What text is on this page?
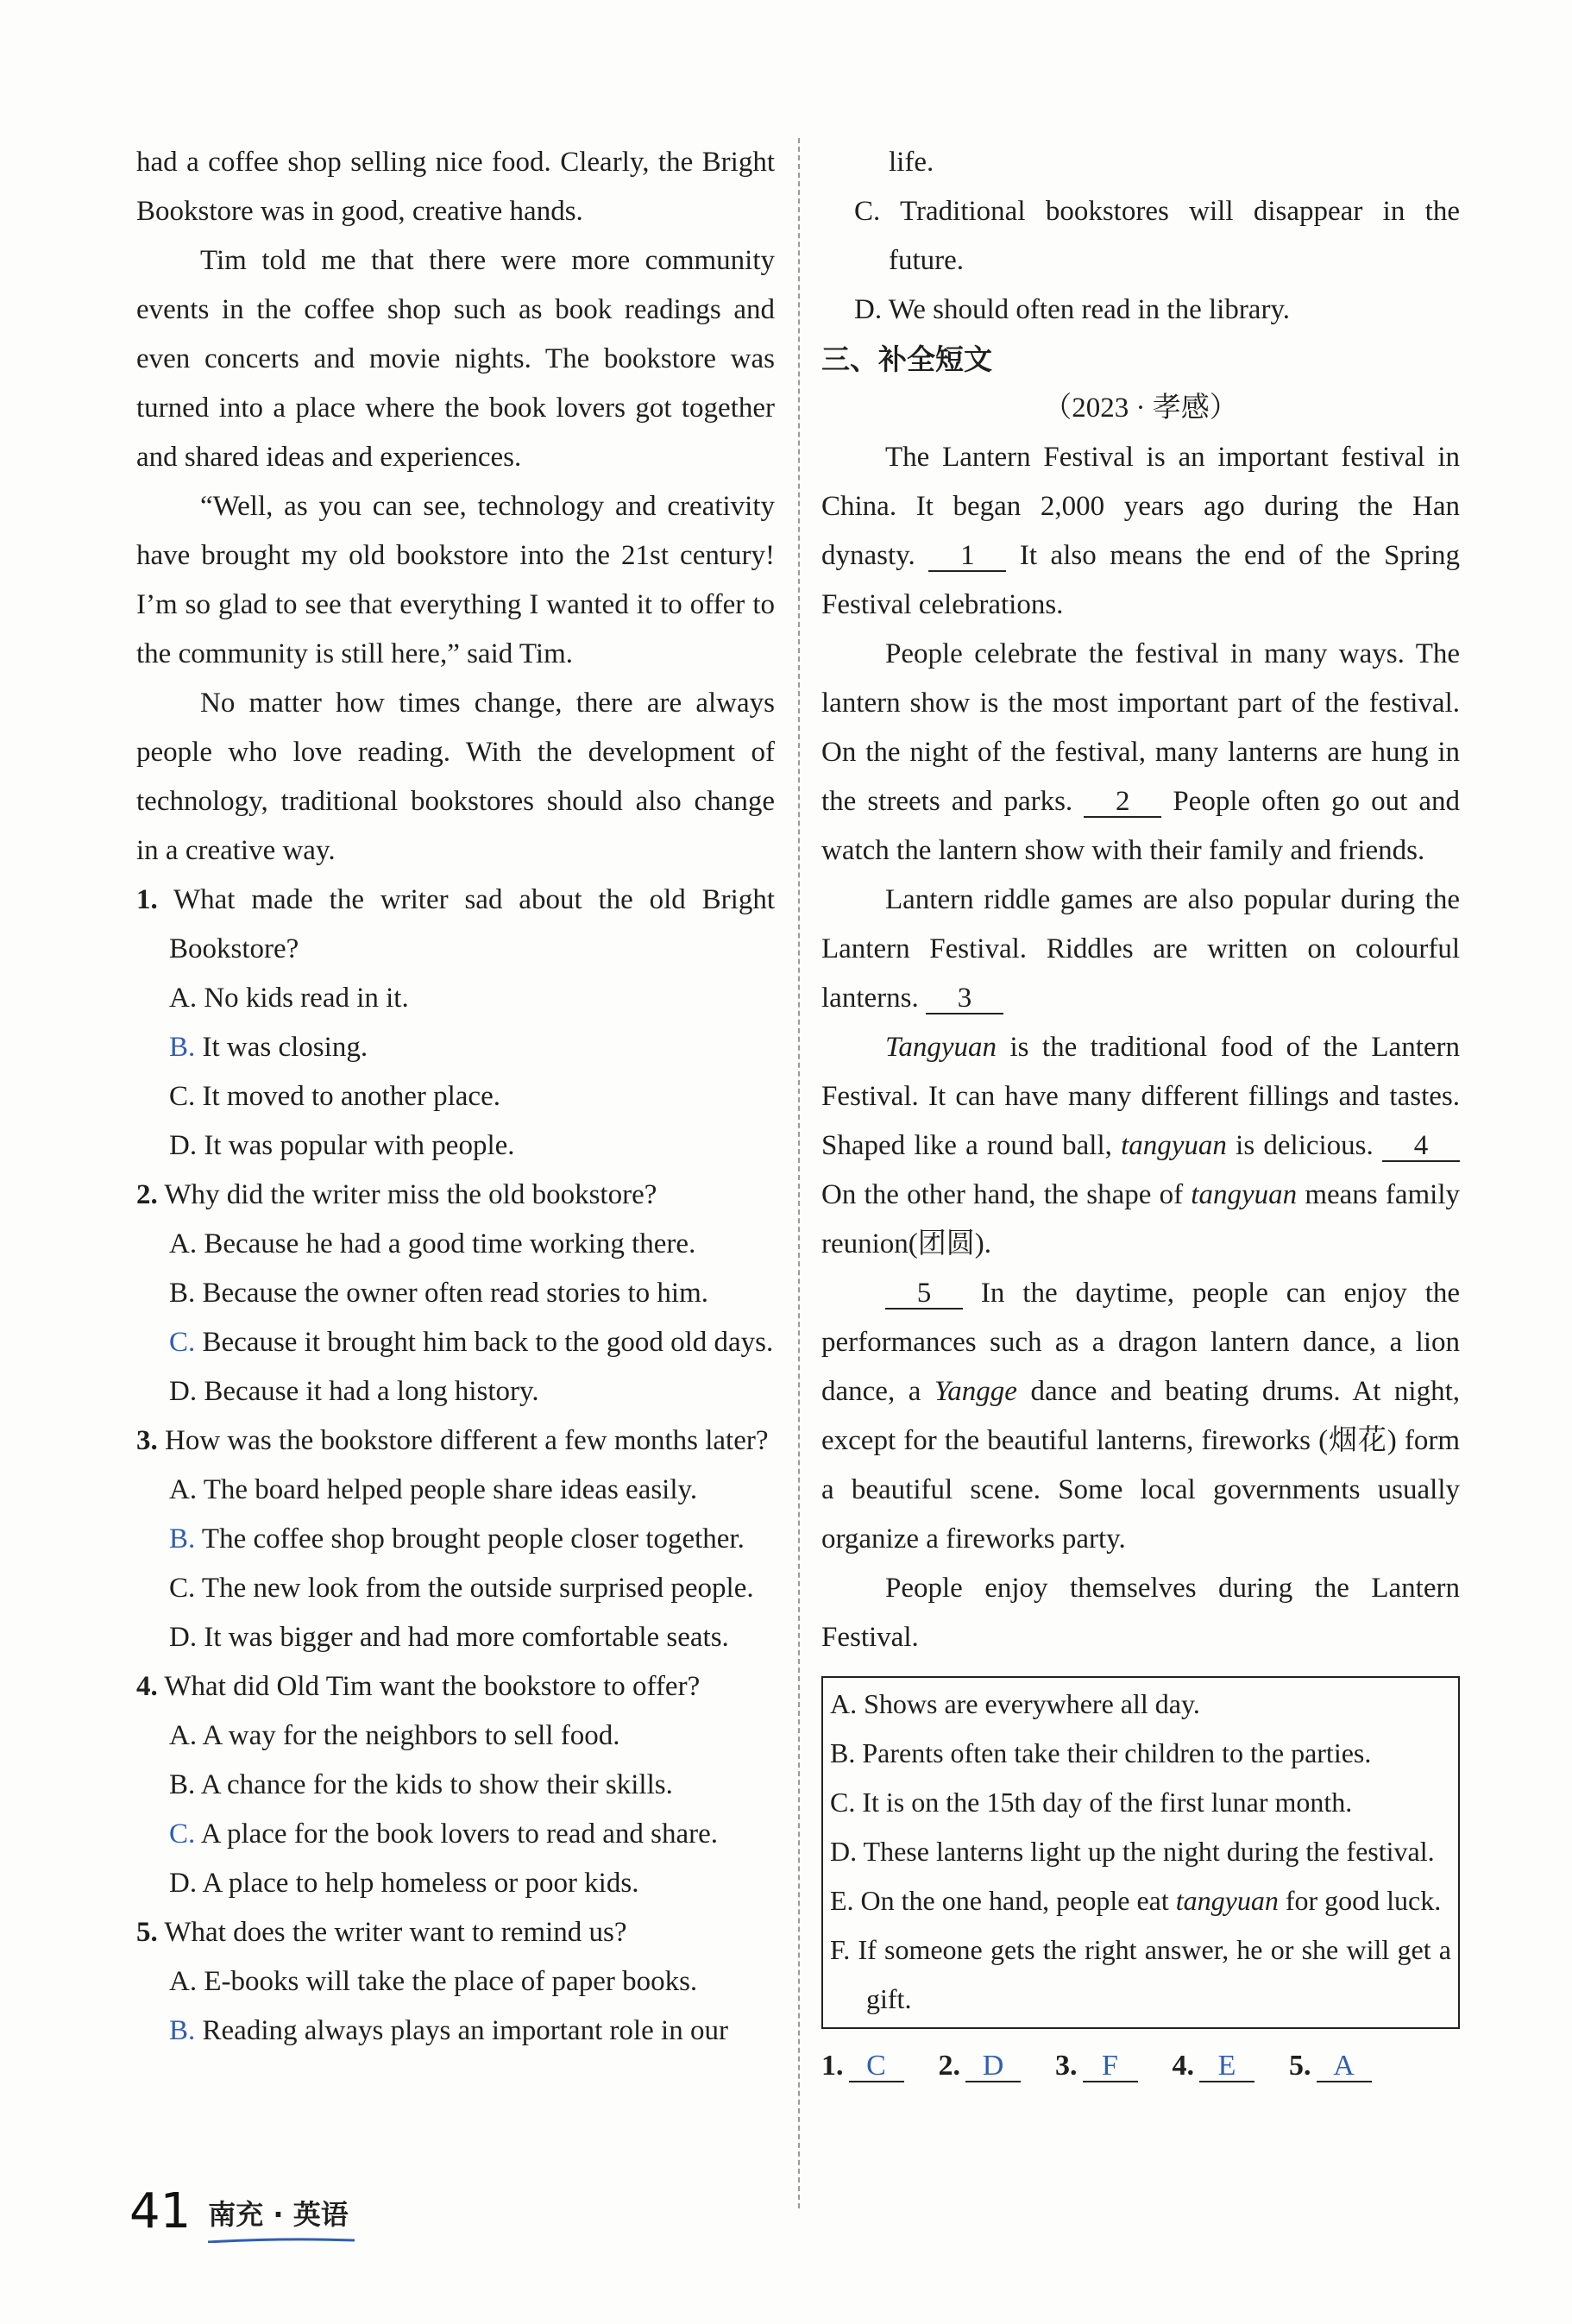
had a coffee shop selling nice food. Clearly, the Bright Bookstore was in good, creative hands.

Tim told me that there were more community events in the coffee shop such as book readings and even concerts and movie nights. The bookstore was turned into a place where the book lovers got together and shared ideas and experiences.

“Well, as you can see, technology and creativity have brought my old bookstore into the 21st century! I’m so glad to see that everything I wanted it to offer to the community is still here,” said Tim.

No matter how times change, there are always people who love reading. With the development of technology, traditional bookstores should also change in a creative way.

1. What made the writer sad about the old Bright Bookstore?

A. No kids read in it.

B. It was closing.

C. It moved to another place.

D. It was popular with people.

2. Why did the writer miss the old bookstore?

A. Because he had a good time working there.

B. Because the owner often read stories to him.

C. Because it brought him back to the good old days.

D. Because it had a long history.

3. How was the bookstore different a few months later?

A. The board helped people share ideas easily.

B. The coffee shop brought people closer together.

C. The new look from the outside surprised people.

D. It was bigger and had more comfortable seats.

4. What did Old Tim want the bookstore to offer?

A. A way for the neighbors to sell food.

B. A chance for the kids to show their skills.

C. A place for the book lovers to read and share.

D. A place to help homeless or poor kids.

5. What does the writer want to remind us?

A. E-books will take the place of paper books.

B. Reading always plays an important role in our

life.

C. Traditional bookstores will disappear in the future.

D. We should often read in the library.

三、补全短文

（2023 · 孝感）

The Lantern Festival is an important festival in China. It began 2,000 years ago during the Han dynasty. 1 It also means the end of the Spring Festival celebrations.

People celebrate the festival in many ways. The lantern show is the most important part of the festival. On the night of the festival, many lanterns are hung in the streets and parks. 2 People often go out and watch the lantern show with their family and friends.

Lantern riddle games are also popular during the Lantern Festival. Riddles are written on colourful lanterns. 3

Tangyuan is the traditional food of the Lantern Festival. It can have many different fillings and tastes. Shaped like a round ball, tangyuan is delicious. 4 On the other hand, the shape of tangyuan means family reunion(团圆).

5 In the daytime, people can enjoy the performances such as a dragon lantern dance, a lion dance, a Yangge dance and beating drums. At night, except for the beautiful lanterns, fireworks (烟花) form a beautiful scene. Some local governments usually organize a fireworks party.

People enjoy themselves during the Lantern Festival.

A. Shows are everywhere all day.

B. Parents often take their children to the parties.

C. It is on the 15th day of the first lunar month.

D. These lanterns light up the night during the festival.

E. On the one hand, people eat tangyuan for good luck.

F. If someone gets the right answer, he or she will get a gift.

1. C	2. D	3. F	4. E	5. A
41 南充 · 英语
